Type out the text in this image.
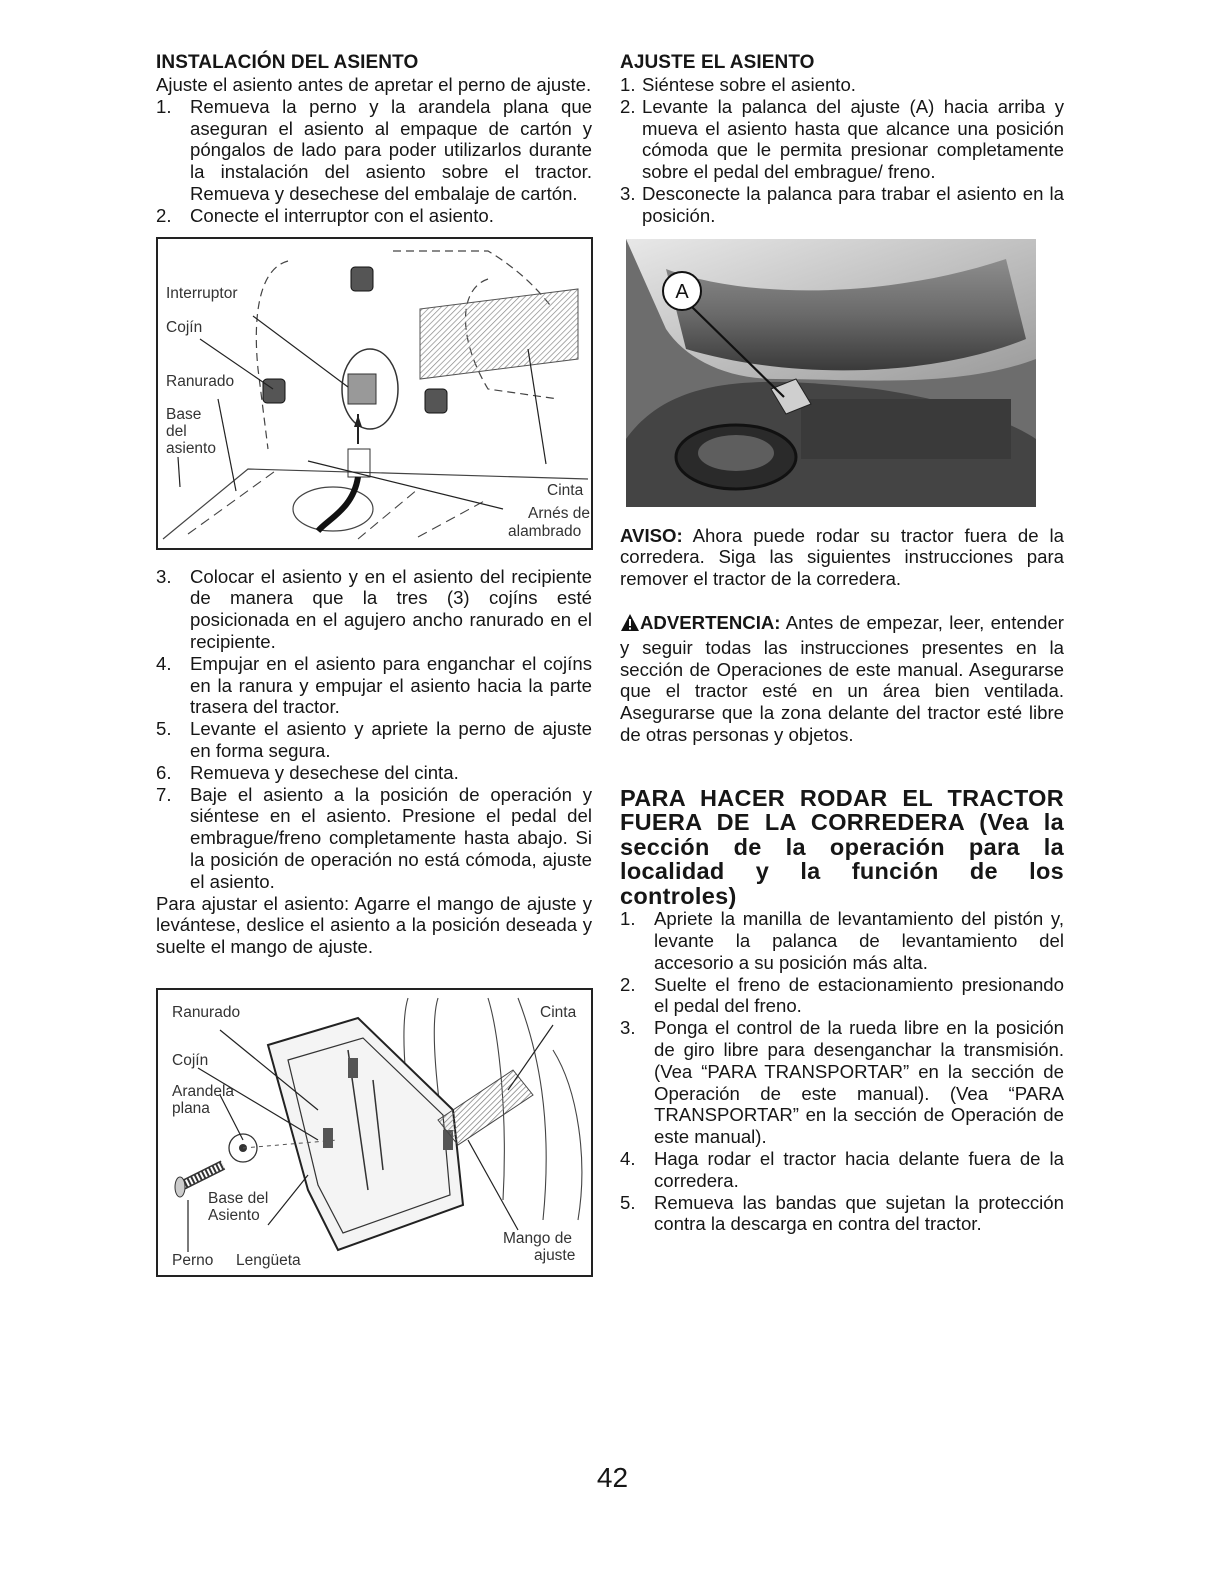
INSTALACIÓN DEL ASIENTO

Ajuste el asiento antes de apretar el perno de ajuste.

1. Remueva la perno y la arandela plana que aseguran el asiento al empaque de cartón y póngalos de lado para poder utilizarlos durante la instalación del asiento sobre el tractor. Remueva y desechese del embalaje de cartón.
2. Conecte el interruptor con el asiento.
Interruptor
Cojín
Ranurado
Base
del
asiento
Cinta
Arnés de
alambrado
3. Colocar el asiento y en el asiento del recipiente de manera que la tres (3) cojíns esté posicionada en el agujero ancho ranurado en el recipiente.
4. Empujar en el asiento para enganchar el cojíns en la ranura y empujar el asiento hacia la parte trasera del tractor.
5. Levante el asiento y apriete la perno de ajuste en forma segura.
6. Remueva y desechese del cinta.
7. Baje el asiento a la posición de operación y siéntese en el asiento. Presione el pedal del embrague/freno completamente hasta abajo. Si la posición de operación no está cómoda, ajuste el asiento.

Para ajustar el asiento: Agarre el mango de ajuste y levántese, deslice el asiento a la posición deseada y suelte el mango de ajuste.

Ranurado
Cojín
Arandela
plana
Base del
Asiento
Perno Lengüeta
Cinta
Mango de
ajuste
AJUSTE EL ASIENTO
1. Siéntese sobre el asiento.
2. Levante la palanca del ajuste (A) hacia arriba y mueva el asiento hasta que alcance una posición cómoda que le permita presionar completamente sobre el pedal del embrague/ freno.
3. Desconecte la palanca para trabar el asiento en la posición.
A

AVISO: Ahora puede rodar su tractor fuera de la corredera. Siga las siguientes instrucciones para remover el tractor de la corredera.

ADVERTENCIA: Antes de empezar, leer, entender y seguir todas las instrucciones presentes en la sección de Operaciones de este manual. Asegurarse que el tractor esté en un área bien ventilada. Asegurarse que la zona delante del tractor esté libre de otras personas y objetos.

PARA HACER RODAR EL TRACTOR FUERA DE LA CORREDERA (Vea la sección de la operación para la localidad y la función de los controles)
1. Apriete la manilla de levantamiento del pistón y, levante la palanca de levantamiento del accesorio a su posición más alta.
2. Suelte el freno de estacionamiento presionando el pedal del freno.
3. Ponga el control de la rueda libre en la posición de giro libre para desenganchar la transmisión. (Vea “PARA TRANSPORTAR” en la sección de Operación de este manual). (Vea “PARA TRANSPORTAR” en la sección de Operación de este manual).
4. Haga rodar el tractor hacia delante fuera de la corredera.
5. Remueva las bandas que sujetan la protección contra la descarga en contra del tractor.
42
